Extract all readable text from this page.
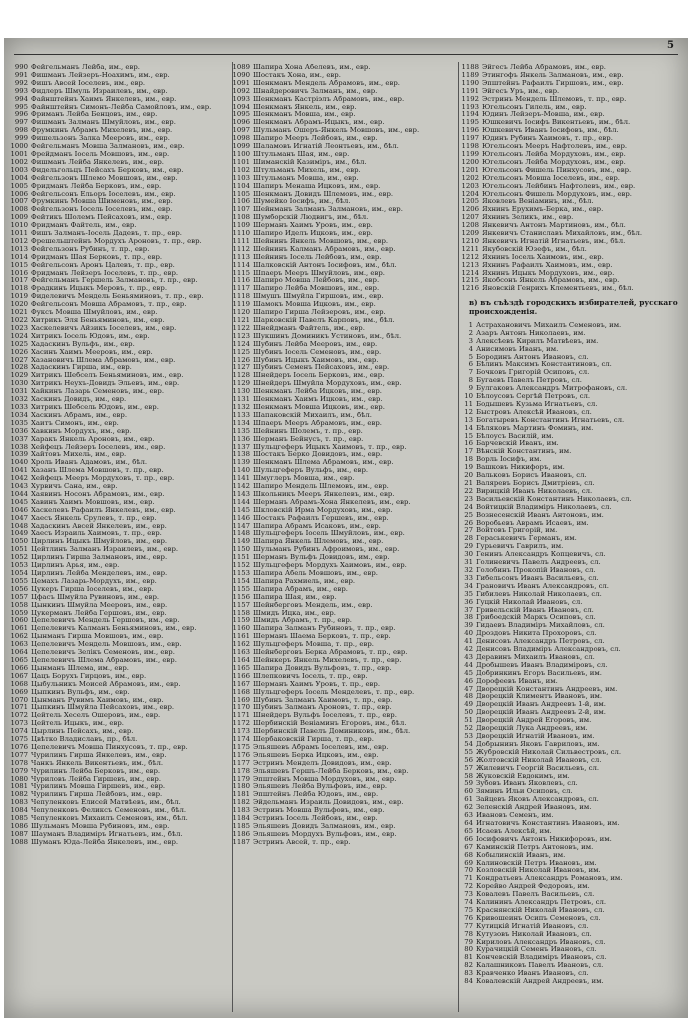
5
990 Фейгельманъ Лейба, им., евр.
991 Фишманъ Лейзеръ-Ноахимъ, им., евр.
992 Фишъ Авсей Іоселевъ, им., евр.
993 Фидлеръ Шмуль Израилевъ, им., евр.
994 Файнштейнъ Хаимъ Янкелевъ, им., евр.
995 Файнштейнъ Симонъ-Лейба Самойловъ, им., евр.
996 Фриманъ Лейба Бенцовъ, им., евр.
997 Фишманъ Залманъ Шмуйловъ, им., евр.
998 Фрумкинъ Абрамъ Михелевъ, им., евр.
999 Фишельзонъ Залка Мееровъ, им., евр.
1000 Фейгельманъ Мовша Залмановъ, им., евр.
1001 Фрейдманъ Іосель Мовшовъ, им., евр.
1002 Фишманъ Лейба Янкелевъ, им., евр.
1003 Фидельгольцъ Пейсахъ Берковъ, им., евр.
1004 Фейгельзонъ Шлемо Мовшовъ, им., евр.
1005 Фридманъ Лейба Берковъ, им., евр.
1006 Фейгельсонъ Ельоръ Іоселевъ, им., евр.
1007 Фрумкинъ Мовша Шименовъ, им., евр.
1008 Фейгельзонъ Іосель Іоселевъ, им., евр.
1009 Фейтикъ Шолемъ Пейсаховъ, им., евр.
1010 Фридманъ Файтель, им., евр.
1011 Фишъ Залманъ-Іосель Дадевъ, т. пр., евр.
1012 Фрешельштейнъ Мордухъ Ароновъ, т. пр., евр.
1013 Фейгельзонъ Рубинъ, т. пр., евр.
1014 Фридманъ Шая Берковъ, т. пр., евр.
1015 Фейгельсонъ Аронъ Цалевъ, т. пр., евр.
1016 Фридманъ Лейзеръ Іоселевъ, т. пр., евр.
1017 Фейгельманъ Гершель Залмановъ, т. пр., евр.
1018 Фрадкинъ Ицыкъ Меровъ, т. пр., евр.
1019 Фиделевичъ Мендель Беньяминовъ, т. пр., евр.
1020 Фейгельсонъ Мовша Абрамовъ, т. пр., евр.
1021 Фуксъ Мовша Шмуйловъ, им., евр.
1022 Хитрикъ Эля Беньяминовъ, им., евр.
1023 Хаскелевичъ Айзикъ Іоселевъ, им., евр.
1024 Хитрикъ Іосель Юдовъ, им., евр.
1025 Хадаскинъ Вульфъ, им., евр.
1026 Хасинъ Хаимъ Мееровъ, им., евр.
1027 Хазановичъ Шлема Абрамовъ, им., евр.
1028 Хадаскинъ Гирша, им., евр.
1029 Хитрикъ Шебселъ Беньяминовъ, им., евр.
1030 Хитрикъ Неухъ-Довидъ Эльевъ, им., евр.
1031 Хайкинъ Лазарь Семеновъ, им., евр.
1032 Хаскинъ Довидъ, им., евр.
1033 Хитрикъ Шебсель Юдовъ, им., евр.
1034 Хаскинъ Абрамъ, им., евр.
1035 Хаитъ Симонъ, им., евр.
1036 Хавкинъ Мордухъ, им., евр.
1037 Харакъ Янкель Ароновъ, им., евр.
1038 Хейфецъ Лейзеръ Іоселевъ, им., евр.
1039 Хайтовъ Михель, им., евр.
1040 Хроль Иванъ Адамовъ, им., бѣл.
1041 Хазанъ Шлема Мовшовъ, т. пр., евр.
1042 Хейфецъ Мееръ Мордуховъ, т. пр., евр.
1043 Хурвичъ Сана, им., евр.
1044 Хаявинъ Носонъ Абрамовъ, им., евр.
1045 Хавинъ Хаимъ Мовшовъ, им., евр.
1046 Хаскелевъ Рафаилъ Янкелевъ, им., евр.
1047 Хаесъ Янкель Срулевъ, т. пр., евр.
1048 Хадаскинъ Авсей Янкелевъ, им., евр.
1049 Хаесъ Израиль Хаимовъ, т. пр., евр.
1050 Цирлинъ Ицыкъ Шмуйловъ, им., евр.
1051 Цейтлинъ Залманъ Израилевъ, им., евр.
1052 Цирлинъ Гирша Залмановъ, им., евр.
1053 Цирлинъ Арья, им., евр.
1054 Цирлинъ Лейба Менделевъ, им., евр.
1055 Цемахъ Лазарь-Мордухъ, им., евр.
1056 Цукеръ Гирша Іоселевъ, им., евр.
1057 Цфасъ Шмуйла Рувиновъ, им., евр.
1058 Цынкинъ Шмуйла Мееровъ, им., евр.
1059 Цукерманъ Лейба Гершовъ, им., евр.
1060 Цепелевичъ Мендель Гершовъ, им., евр.
1061 Цепелевичъ Калманъ Беньяминовъ, им., евр.
1062 Цынманъ Гирша Мовшовъ, им., евр.
1063 Цепелевичъ Мендель Мовшовъ, им., евр.
1064 Цепелевичъ Зелікъ Семеновъ, им., евр.
1065 Цепелевичъ Шлема Абрамовъ, им., евр.
1066 Цынманъ Шлема, им., евр.
1067 Цацъ Борухъ Гирцовъ, им., евр.
1068 Цыбульникъ Моисей Абрамовъ, им., евр.
1069 Цыпкинъ Вульфъ, им., евр.
1070 Цынманъ Рувимъ Хаимовъ, им., евр.
1071 Цыпкинъ Шмуйла Пейсаховъ, им., евр.
1072 Цейтель Хеселъ Ошеровъ, им., евр.
1073 Цейтель Ицыкъ, им., евр.
1074 Цырлинъ Пейсахъ, им., евр.
1075 Цвѣтко Владиславъ, пр., бѣл.
1076 Цепелевичъ Мовша Пинхусовъ, т. пр., евр.
1077 Чурилинъ Гирша Янкелевъ, им., евр.
1078 Чанкъ Янкель Викентьевъ, им., бѣл.
1079 Чурилинъ Лейба Берковъ, им., евр.
1080 Чуриловъ Лейба Гиршевъ, им., евр.
1081 Чурилинъ Мовша Гиршевъ, им., евр.
1082 Чурилинъ Гирша Лейбовъ, им., евр.
1083 Чепуленковъ Елисей Матвѣевъ, им., бѣл.
1084 Чепуленковъ Феликсъ Семеновъ, им., бѣл.
1085 Чепуленковъ Михаилъ Семеновъ, им., бѣл.
1086 Шульманъ Мовша Рубиновъ, им., евр.
1087 Шауманъ Владиміръ Игнатьевъ, им., бѣл.
1088 Шуманъ Юда-Лейба Янкелевъ, им., евр.
1089 Шапира Хона Абелевъ, им., евр.
1090 Шостакъ Хона, им., евр.
1091 Шенкманъ Мендель Абрамовъ, им., евр.
1092 Шнайдеровичъ Залманъ, им., евр.
1093 Шенкманъ Кастріэлъ Абрамовъ, им., евр.
1094 Шенкманъ Янкель, им., евр.
1095 Шенкманъ Мовша, им., евр.
1096 Шенкманъ Абрамъ-Ицыкъ, им., евр.
1097 Шульманъ Ошеръ-Янкель Мовшовъ, им., евр.
1098 Шапиро Мееръ Лейбовъ, им., евр.
1099 Шаламовъ Игнатій Леонтьевъ, им., бѣл.
1100 Штульманъ Шая, им., евр.
1101 Шиманскій Казиміръ, им., бѣл.
1102 Штульманъ Михель, им., евр.
1103 Штульманъ Мовша, им., евр.
1104 Шапиръ Менаша Ицковъ, им., евр.
1105 Шенкманъ Довидъ Шлемовъ, им., евр.
1106 Шумейко Іосифъ, им., бѣл.
1107 Шейнманъ Залманъ Залмановъ, им., евр.
1108 Шумборскій Людвигъ, им., бѣл.
1109 Шерманъ Хаимъ Уровъ, им., евр.
1110 Шапиро Иделъ Ицковъ, им., евр.
1111 Шейнинъ Янкель Мовшовъ, им., евр.
1112 Шейнинъ Калманъ Абрамовъ, им., евр.
1113 Шейнинъ Іосель Лейбовъ, им., евр.
1114 Шалковскій Антонъ Іосифовъ, им., бѣл.
1115 Шпаеръ Мееръ Шмуйловъ, им., евр.
1116 Шапиро Мовша Лейбовъ, им., евр.
1117 Шапиро Лейба Мовшовъ, им., евр.
1118 Шмушъ Шмуйла Гиршовъ, им., евр.
1119 Шамокъ Мовша Ицковъ, им., евр.
1120 Шапиро Гирша Лейзеровъ, им., евр.
1121 Шарковскій Павелъ Карповъ, им., бѣл.
1122 Шнейдманъ Файтель, им., евр.
1123 Шукшинъ Доминикъ Устиновъ, им., бѣл.
1124 Шубинъ Лейба Мееровъ, им., евр.
1125 Шубинъ Іосель Семеновъ, им., евр.
1126 Шубинъ Ицыкъ Хаимовъ, им., евр.
1127 Шубинъ Семенъ Пейсаховъ, им., евр.
1128 Шнейдеръ Іосель Берковъ, им., евр.
1129 Шнейдеръ Шмуйла Мордуховъ, им., евр.
1130 Шенкманъ Лейба Ицковъ, им., евр.
1131 Шенкманъ Хаимъ Ицковъ, им., евр.
1132 Шенкманъ Мовша Ицковъ, им., евр.
1133 Шапаковскій Михаилъ, им., бѣл.
1134 Шпаеръ Мееръ Абрамовъ, им., евр.
1135 Шейнинъ Шолемъ, т. пр., евр.
1136 Шерманъ Бейнусъ, т. пр., евр.
1137 Шульцгеферъ Ицыкъ Хаимовъ, т. пр., евр.
1138 Шостакъ Берко Довидовъ, им., евр.
1139 Шенкманъ Шлема Абрамовъ, им., евр.
1140 Шульцгеферъ Вульфъ, им., евр.
1141 Шмуглеръ Мовша, им., евр.
1142 Шапиро Мендель Шлемовъ, им., евр.
1143 Школьникъ Мееръ Янкелевъ, им., евр.
1144 Шерманъ Абрамъ-Хона Янкелевъ, им., евр.
1145 Шкловскій Ирма Мордуховъ, им., евр.
1146 Шостакъ Рафаилъ Гершевъ, им., евр.
1147 Шапира Абрамъ Исаковъ, им., евр.
1148 Шульцгеферъ Іосель Шмуйловъ, им., евр.
1149 Шапира Янкель Шлемовъ, им., евр.
1150 Шульманъ Рубинъ Афроимовъ, им., евр.
1151 Шерманъ Вульфъ Довидовъ, им., евр.
1152 Шульцгеферъ Мордухъ Хаимовъ, им., евр.
1153 Шапира Абель Мовшовъ, им., евр.
1154 Шапира Рахмиель, им., евр.
1155 Шапира Абрамъ, им., евр.
1156 Шапира Шая, им., евр.
1157 Шейнберговъ Мендель, им., евр.
1158 Шмидъ Ицка, им., евр.
1159 Шмидъ Абрамъ, т. пр., евр.
1160 Шапира Залманъ Рубиновъ, т. пр., евр.
1161 Шерманъ Шаема Берковъ, т. пр., евр.
1162 Шульцгеферъ Мовша, т. пр., евр.
1163 Шейнберговъ Берка Абрамовъ, т. пр., евр.
1164 Шейнкеръ Янкель Михелевъ, т. пр., евр.
1165 Шапира Довидъ Вульфовъ, т. пр., евр.
1166 Шлепковичъ Іосель, т. пр., евр.
1167 Шерманъ Хаимъ Уровъ, т. пр., евр.
1168 Шульцгеферъ Іосель Менделевъ, т. пр., евр.
1169 Шубинъ Залманъ Хаимовъ, т. пр., евр.
1170 Шубинъ Залманъ Ароновъ, т. пр., евр.
1171 Шнейдеръ Вульфъ Іоселевъ, т. пр., евр.
1172 Шербинскій Веніаминъ Егоровъ, им., бѣл.
1173 Шербинскій Павелъ Доминиковъ, им., бѣл.
1174 Шербаковскій Гирша, т. пр., евр.
1175 Эльяшевъ Абрамъ Іоселевъ, им., евр.
1176 Эльяшевъ Берка Ицковъ, им., евр.
1177 Эстринъ Менделъ Довидовъ, им., евр.
1178 Эльяшевъ Гершъ-Лейба Берковъ, им., евр.
1179 Эпштейнъ Мовша Мордуховъ, им., евр.
1180 Эльяшевъ Лейба Вульфовъ, им., евр.
1181 Эпштейнъ Лейба Юдовъ, им., евр.
1182 Эйдельманъ Израиль Довидовъ, им., евр.
1183 Эстринъ Мовша Вульфовъ, им., евр.
1184 Эстринъ Іосель Лейбовъ, им., евр.
1185 Эльяшевъ Довидъ Залмановъ, им., евр.
1186 Эльяшевъ Мордухъ Вульфовъ, им., евр.
1187 Эстринъ Авсей, т. пр., евр.
1188 Эйгесъ Лейба Абрамовъ, им., евр.
1189 Этингофъ Янкель Залмановъ, им., евр.
1190 Эпштейнъ Рафаилъ Гиршовъ, им., евр.
1191 Эйгесъ Уръ, им., евр.
1192 Эстринъ Мендель Шлемовъ, т. пр., евр.
1193 Югельсонъ Гилель, им., евр.
1194 Юдинъ Лейзеръ-Мовша, им., евр.
1195 Юшкевичъ Іосифъ Викентьевъ, им., бѣл.
1196 Юшкевичъ Иванъ Іосифовъ, им., бѣл.
1197 Юдинъ Рубинъ Хаимовъ, т. пр., евр.
1198 Югельсонъ Мееръ Нафтолевъ, им., евр.
1199 Югельсонъ Лейба Мордуховъ, им., евр.
1200 Югельсонъ Лейба Мордуховъ, им., евр.
1201 Югельсонъ Фишель Пинхусовъ, им., евр.
1202 Югельсонъ Мовша Іоселевъ, им., евр.
1203 Югельсонъ Лейбинъ Нафтолевъ, им., евр.
1204 Югельсонъ Фишель Мордуховъ, им., евр.
1205 Яковлевъ Веніаминъ, им., бѣл.
1206 Яхнинъ Ерухимъ-Берка, им., евр.
1207 Яхнинъ Зеликъ, им., евр.
1208 Янкевичъ Антонъ Мартиновъ, им., бѣл.
1209 Янкевичъ Станиславъ Михайловъ, им., бѣл.
1210 Янкевичъ Игнатій Игнатьевъ, им., бѣл.
1211 Якубовскій Юзефъ, им., бѣл.
1212 Яхнинъ Іосель Хаимовъ, им., евр.
1213 Яхнинъ Рафаилъ Хаимовъ, им., евр.
1214 Яхнинъ Ицыкъ Мордуховъ, им., евр.
1215 Якобсонъ Янкель Абрамовъ, им., евр.
1216 Яновскій Генрихъ Клементьевъ, им., бѣл.
в) въ съѣздѣ городскихъ избирателей, русскаго происхожденія.
1 Астрахановичъ Михаилъ Семеновъ, им.
2 Азаръ Антонъ Николаевъ, им.
3 Алексѣевъ Кирилъ Матвѣевъ, им.
4 Анисимовъ Иванъ, им.
5 Бородинъ Антонъ Ивановъ, сл.
6 Бѣлинъ Максимъ Константиновъ, сл.
7 Бочковъ Григорій Осиповъ, сл.
8 Бугаевъ Павелъ Петровъ, сл.
9 Булгаковъ Александръ Митрофановъ, сл.
10 Бѣлоусовъ Сергѣй Петровъ, сл.
11 Бодышевъ Кузьма Игнатьевъ, сл.
12 Быстровъ Алексѣй Ивановъ, сл.
13 Богатыревъ Константинъ Игнатьевъ, сл.
14 Бѣляковъ Мартинъ Фоминъ, им.
15 Бѣлоусъ Василій, им.
16 Барчевскій Иванъ, им.
17 Вѣнскій Константинъ, им.
18 Ворль Іосифъ, им.
19 Вашковъ Никифоръ, им.
20 Вальковъ Борисъ Ивановъ, сл.
21 Валяревъ Борисъ Дмитріевъ, сл.
22 Вирицкій Иванъ Николаевъ, сл.
23 Васильевскій Константинъ Николаевъ, сл.
24 Войтицкій Владиміръ Николаевъ, сл.
25 Вознесенскій Иванъ Антоновъ, им.
26 Воробьевъ Аврамъ Исаевъ, им.
27 Войтовъ Григорій, им.
28 Гераськевичъ Германъ, им.
29 Гурьевичъ Гаврилъ, им.
30 Генинъ Александръ Копцевичъ, сл.
31 Голиневичъ Павелъ Андреевъ, сл.
32 Голобинъ Прокопій Ивановъ, сл.
33 Гибельсонъ Иванъ Васильевъ, сл.
34 Грановичъ Иванъ Александровъ, сл.
35 Гибилевъ Николай Николаевъ, сл.
36 Гуцкій Николай Ивановъ, сл.
37 Гривельскій Иванъ Ивановъ, сл.
38 Грибоедскій Маркъ Осиповъ, сл.
39 Гидаевъ Владиміръ Михайловъ, сл.
40 Дроздовъ Никита Прохоровъ, сл.
41 Денисовъ Александръ Петровъ, сл.
42 Денисовъ Владиміръ Александровъ, сл.
43 Деравинъ Михаилъ Ивановъ, сл.
44 Дробышевъ Иванъ Владиміровъ, сл.
45 Добринкинъ Егоръ Васильевъ, им.
46 Дорофеевъ Иванъ, им.
47 Дворецкій Константинъ Андреевъ, им.
48 Дворецкій Климентъ Ивановъ, им.
49 Дворецкій Иванъ Андреевъ 1-й, им.
50 Дворецкій Иванъ Андреевъ 2-й, им.
51 Дворецкій Андрей Егоровъ, им.
52 Дворецкій Лука Андреевъ, им.
53 Дворецкій Игнатій Ивановъ, им.
54 Добрынинъ Яковъ Гавриловъ, им.
55 Жубровскій Николай Сильвестровъ, сл.
56 Жолтовскій Николай Ивановъ, сл.
57 Жилевичъ Георгій Васильевъ, сл.
58 Жуковскій Евдокимъ, им.
59 Зубовъ Иванъ Яковлевъ, сл.
60 Зяминъ Ильи Осиповъ, сл.
61 Зайцевъ Яковъ Александровъ, сл.
62 Зеленскій Андрей Ивановъ, им.
63 Ивановъ Семенъ, им.
64 Игнатовичъ Константинъ Ивановъ, им.
65 Исаевъ Алексѣй, им.
66 Іосифовичъ Антонъ Никифоровъ, им.
67 Каминскій Петръ Антоновъ, им.
68 Кобылинскій Иванъ, им.
69 Калиновскій Петръ Ивановъ, им.
70 Козловскій Николай Ивановъ, им.
71 Кондратьевъ Александръ Романовъ, им.
72 Корейво Андрей Федоровъ, им.
73 Ковалевъ Павелъ Васильевъ, сл.
74 Калининъ Александръ Петровъ, сл.
75 Краснянскій Николай Ивановъ, сл.
76 Кривошеинъ Осипъ Семеновъ, сл.
77 Кутицкій Игнатій Ивановъ, сл.
78 Кутузовъ Николай Ивановъ, сл.
79 Кириловъ Александръ Ивановъ, сл.
80 Курачицкій Семенъ Ивановъ, сл.
81 Кончевскій Владиміръ Ивановъ, сл.
82 Калашниковъ Павелъ Ивановъ, сл.
83 Кравченко Иванъ Ивановъ, сл.
84 Ковалевскій Андрей Андреевъ, им.
